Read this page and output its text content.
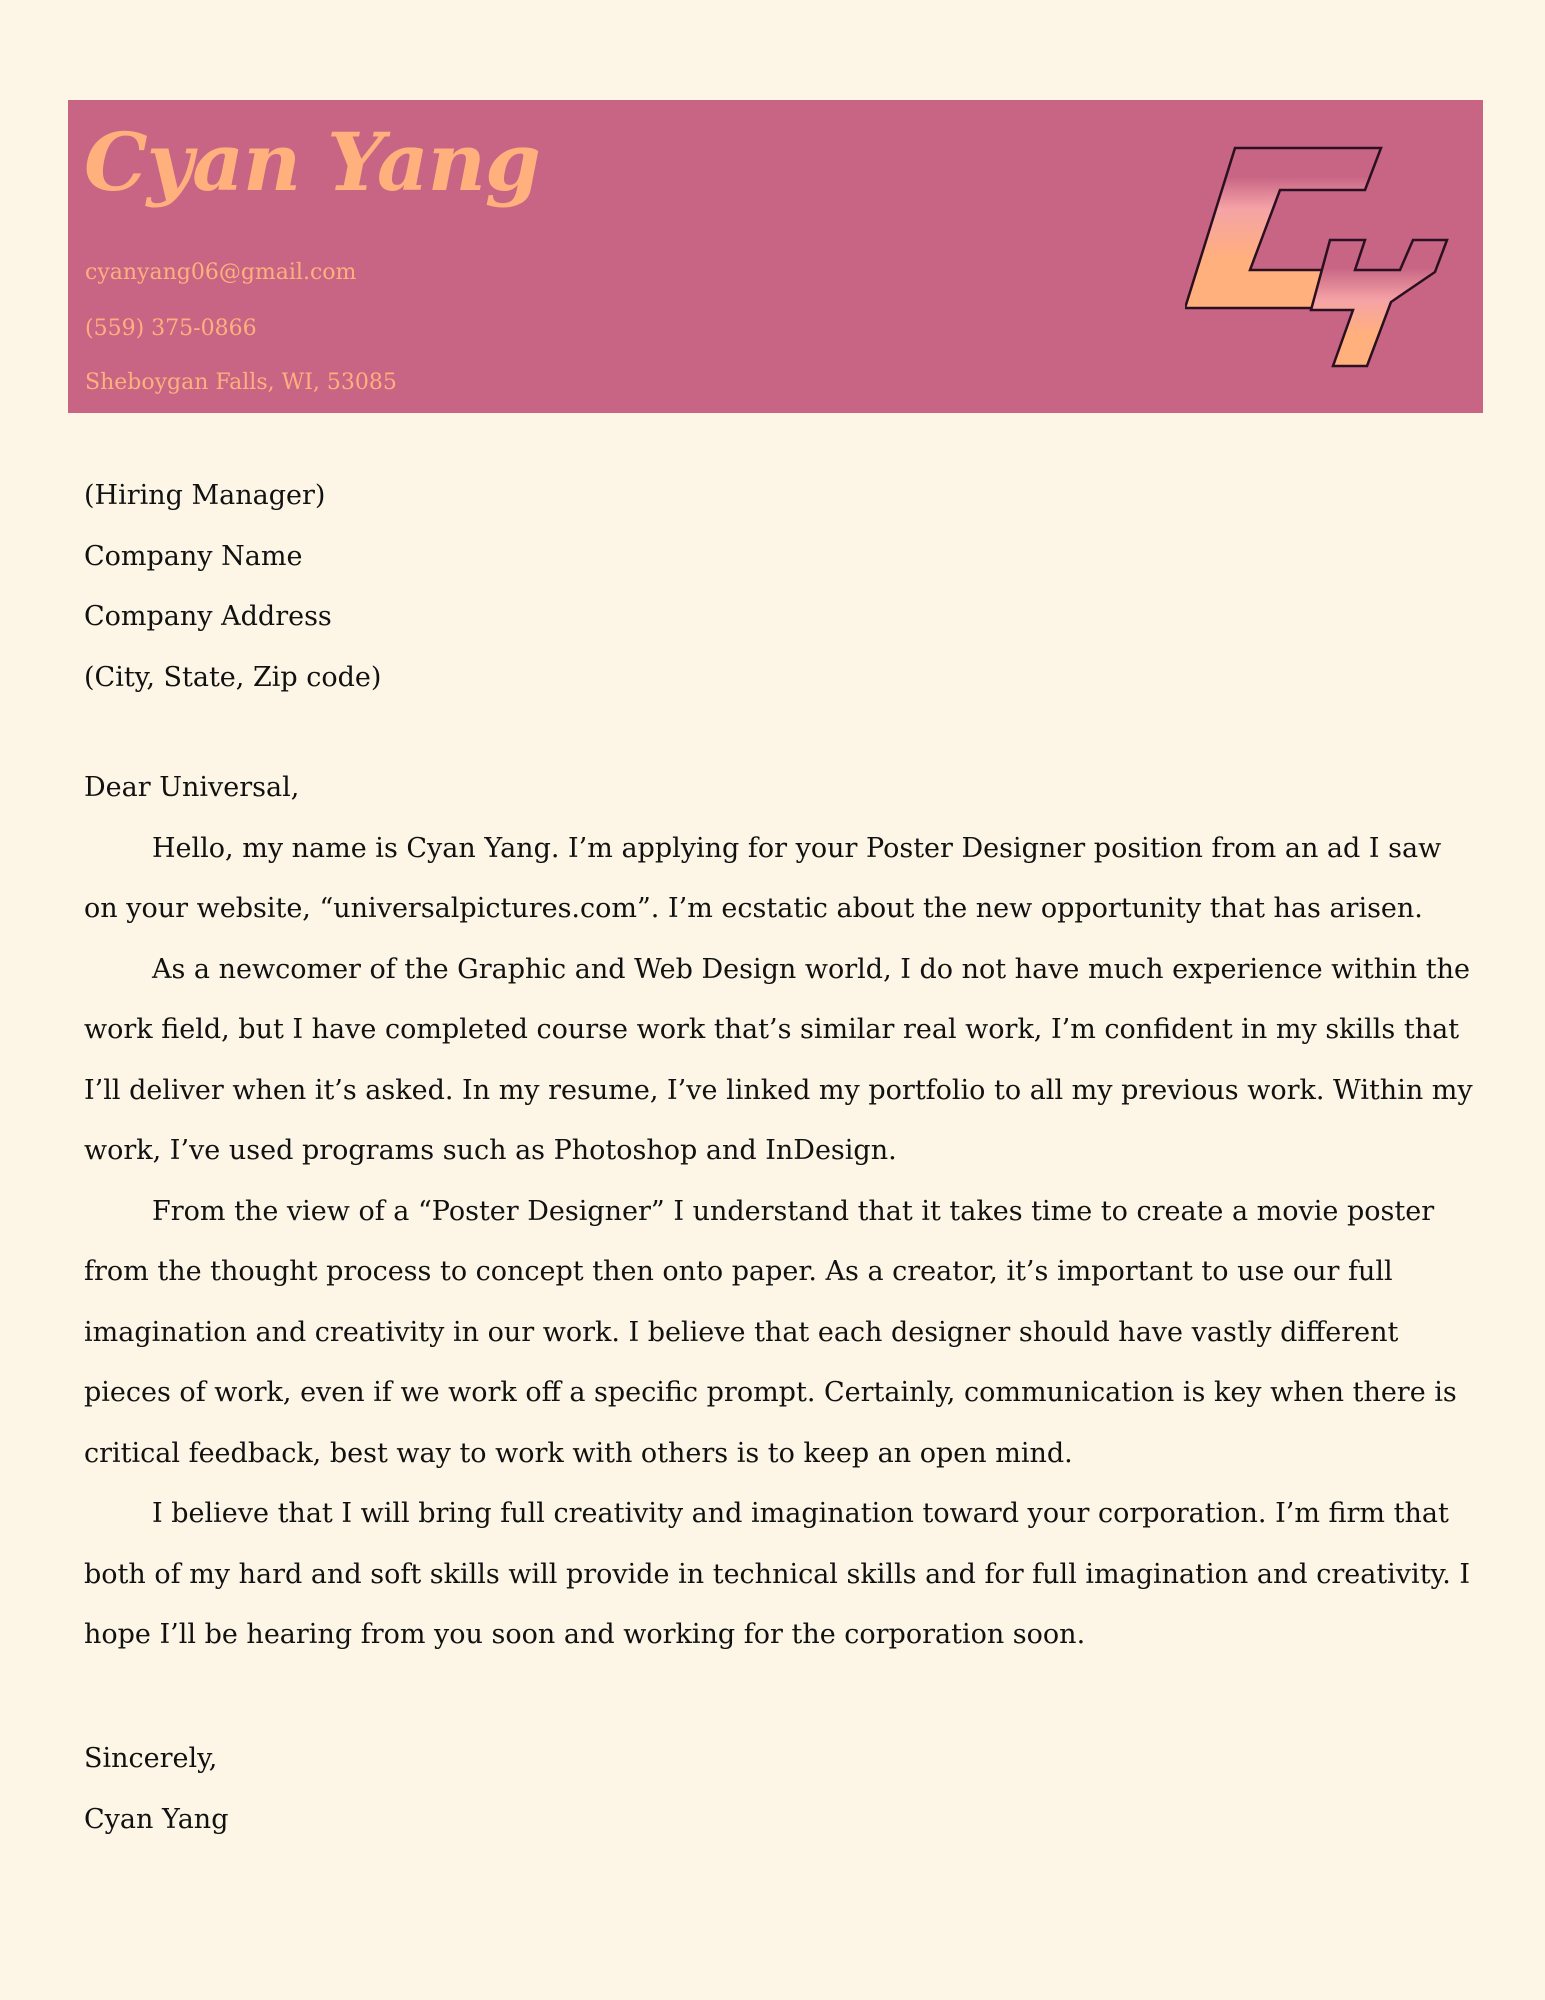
Cyan Yang

cyanyang06@gmail.com

(559) 375-0866

Sheboygan Falls, WI, 53085

(Hiring Manager)
Company Name
Company Address
(City, State, Zip code)

Dear Universal,

Hello, my name is Cyan Yang. I’m applying for your Poster Designer position from an ad I saw on your website, “universalpictures.com”. I’m ecstatic about the new opportunity that has arisen.

As a newcomer of the Graphic and Web Design world, I do not have much experience within the work field, but I have completed course work that’s similar real work, I’m confident in my skills that I’ll deliver when it’s asked. In my resume, I’ve linked my portfolio to all my previous work. Within my work, I’ve used programs such as Photoshop and InDesign.

From the view of a “Poster Designer” I understand that it takes time to create a movie poster from the thought process to concept then onto paper. As a creator, it’s important to use our full imagination and creativity in our work. I believe that each designer should have vastly different pieces of work, even if we work off a specific prompt. Certainly, communication is key when there is critical feedback, best way to work with others is to keep an open mind.

I believe that I will bring full creativity and imagination toward your corporation. I’m firm that both of my hard and soft skills will provide in technical skills and for full imagination and creativity. I hope I’ll be hearing from you soon and working for the corporation soon.

Sincerely,
Cyan Yang
